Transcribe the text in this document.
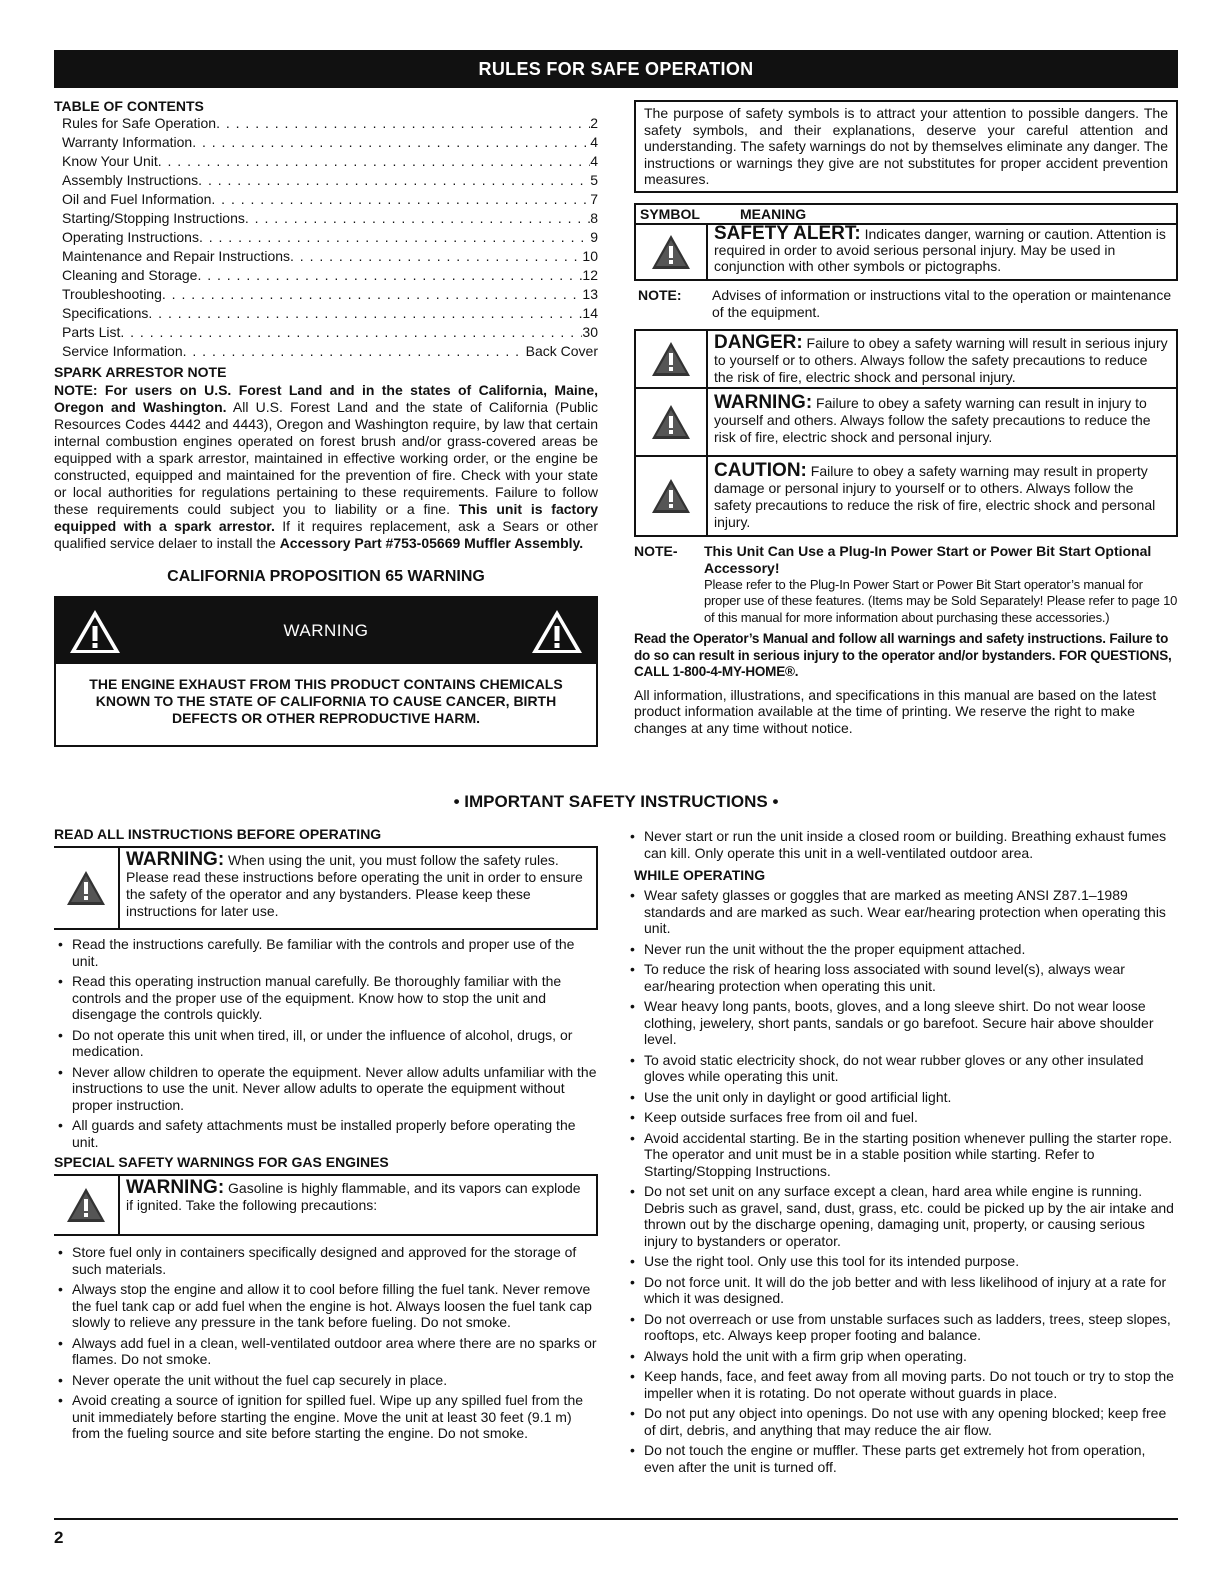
RULES FOR SAFE OPERATION
TABLE OF CONTENTS
Rules for Safe Operation . . .	2
Warranty Information . . .	4
Know Your Unit . . .	4
Assembly Instructions . . .	5
Oil and Fuel Information . . .	7
Starting/Stopping Instructions . . .	8
Operating Instructions . . .	9
Maintenance and Repair Instructions . . .	10
Cleaning and Storage . . .	12
Troubleshooting . . .	13
Specifications . . .	14
Parts List . . .	30
Service Information . . .	Back Cover
SPARK ARRESTOR NOTE
NOTE: For users on U.S. Forest Land and in the states of California, Maine, Oregon and Washington. All U.S. Forest Land and the state of California (Public Resources Codes 4442 and 4443), Oregon and Washington require, by law that certain internal combustion engines operated on forest brush and/or grass-covered areas be equipped with a spark arrestor, maintained in effective working order, or the engine be constructed, equipped and maintained for the prevention of fire. Check with your state or local authorities for regulations pertaining to these requirements. Failure to follow these requirements could subject you to liability or a fine. This unit is factory equipped with a spark arrestor. If it requires replacement, ask a Sears or other qualified service delaer to install the Accessory Part #753-05669 Muffler Assembly.
CALIFORNIA PROPOSITION 65 WARNING
WARNING
THE ENGINE EXHAUST FROM THIS PRODUCT CONTAINS CHEMICALS KNOWN TO THE STATE OF CALIFORNIA TO CAUSE CANCER, BIRTH DEFECTS OR OTHER REPRODUCTIVE HARM.
The purpose of safety symbols is to attract your attention to possible dangers. The safety symbols, and their explanations, deserve your careful attention and understanding. The safety warnings do not by themselves eliminate any danger. The instructions or warnings they give are not substitutes for proper accident prevention measures.
SYMBOL	MEANING
SAFETY ALERT: Indicates danger, warning or caution. Attention is required in order to avoid serious personal injury. May be used in conjunction with other symbols or pictographs.
NOTE:	Advises of information or instructions vital to the operation or maintenance of the equipment.
DANGER: Failure to obey a safety warning will result in serious injury to yourself or to others. Always follow the safety precautions to reduce the risk of fire, electric shock and personal injury.
WARNING: Failure to obey a safety warning can result in injury to yourself and others. Always follow the safety precautions to reduce the risk of fire, electric shock and personal injury.
CAUTION: Failure to obey a safety warning may result in property damage or personal injury to yourself or to others. Always follow the safety precautions to reduce the risk of fire, electric shock and personal injury.
NOTE-	This Unit Can Use a Plug-In Power Start or Power Bit Start Optional Accessory!
Please refer to the Plug-In Power Start or Power Bit Start operator’s manual for proper use of these features. (Items may be Sold Separately! Please refer to page 10 of this manual for more information about purchasing these accessories.)
Read the Operator’s Manual and follow all warnings and safety instructions. Failure to do so can result in serious injury to the operator and/or bystanders. FOR QUESTIONS, CALL 1-800-4-MY-HOME®.
All information, illustrations, and specifications in this manual are based on the latest product information available at the time of printing. We reserve the right to make changes at any time without notice.
• IMPORTANT SAFETY INSTRUCTIONS •
READ ALL INSTRUCTIONS BEFORE OPERATING
WARNING: When using the unit, you must follow the safety rules. Please read these instructions before operating the unit in order to ensure the safety of the operator and any bystanders. Please keep these instructions for later use.
• Read the instructions carefully. Be familiar with the controls and proper use of the unit.
• Read this operating instruction manual carefully. Be thoroughly familiar with the controls and the proper use of the equipment. Know how to stop the unit and disengage the controls quickly.
• Do not operate this unit when tired, ill, or under the influence of alcohol, drugs, or medication.
• Never allow children to operate the equipment. Never allow adults unfamiliar with the instructions to use the unit. Never allow adults to operate the equipment without proper instruction.
• All guards and safety attachments must be installed properly before operating the unit.
SPECIAL SAFETY WARNINGS FOR GAS ENGINES
WARNING: Gasoline is highly flammable, and its vapors can explode if ignited. Take the following precautions:
• Store fuel only in containers specifically designed and approved for the storage of such materials.
• Always stop the engine and allow it to cool before filling the fuel tank. Never remove the fuel tank cap or add fuel when the engine is hot. Always loosen the fuel tank cap slowly to relieve any pressure in the tank before fueling. Do not smoke.
• Always add fuel in a clean, well-ventilated outdoor area where there are no sparks or flames. Do not smoke.
• Never operate the unit without the fuel cap securely in place.
• Avoid creating a source of ignition for spilled fuel. Wipe up any spilled fuel from the unit immediately before starting the engine. Move the unit at least 30 feet (9.1 m) from the fueling source and site before starting the engine. Do not smoke.
• Never start or run the unit inside a closed room or building. Breathing exhaust fumes can kill. Only operate this unit in a well-ventilated outdoor area.
WHILE OPERATING
• Wear safety glasses or goggles that are marked as meeting ANSI Z87.1–1989 standards and are marked as such. Wear ear/hearing protection when operating this unit.
• Never run the unit without the the proper equipment attached.
• To reduce the risk of hearing loss associated with sound level(s), always wear ear/hearing protection when operating this unit.
• Wear heavy long pants, boots, gloves, and a long sleeve shirt. Do not wear loose clothing, jewelery, short pants, sandals or go barefoot. Secure hair above shoulder level.
• To avoid static electricity shock, do not wear rubber gloves or any other insulated gloves while operating this unit.
• Use the unit only in daylight or good artificial light.
• Keep outside surfaces free from oil and fuel.
• Avoid accidental starting. Be in the starting position whenever pulling the starter rope. The operator and unit must be in a stable position while starting. Refer to Starting/Stopping Instructions.
• Do not set unit on any surface except a clean, hard area while engine is running. Debris such as gravel, sand, dust, grass, etc. could be picked up by the air intake and thrown out by the discharge opening, damaging unit, property, or causing serious injury to bystanders or operator.
• Use the right tool. Only use this tool for its intended purpose.
• Do not force unit. It will do the job better and with less likelihood of injury at a rate for which it was designed.
• Do not overreach or use from unstable surfaces such as ladders, trees, steep slopes, rooftops, etc. Always keep proper footing and balance.
• Always hold the unit with a firm grip when operating.
• Keep hands, face, and feet away from all moving parts. Do not touch or try to stop the impeller when it is rotating. Do not operate without guards in place.
• Do not put any object into openings. Do not use with any opening blocked; keep free of dirt, debris, and anything that may reduce the air flow.
• Do not touch the engine or muffler. These parts get extremely hot from operation, even after the unit is turned off.
2
